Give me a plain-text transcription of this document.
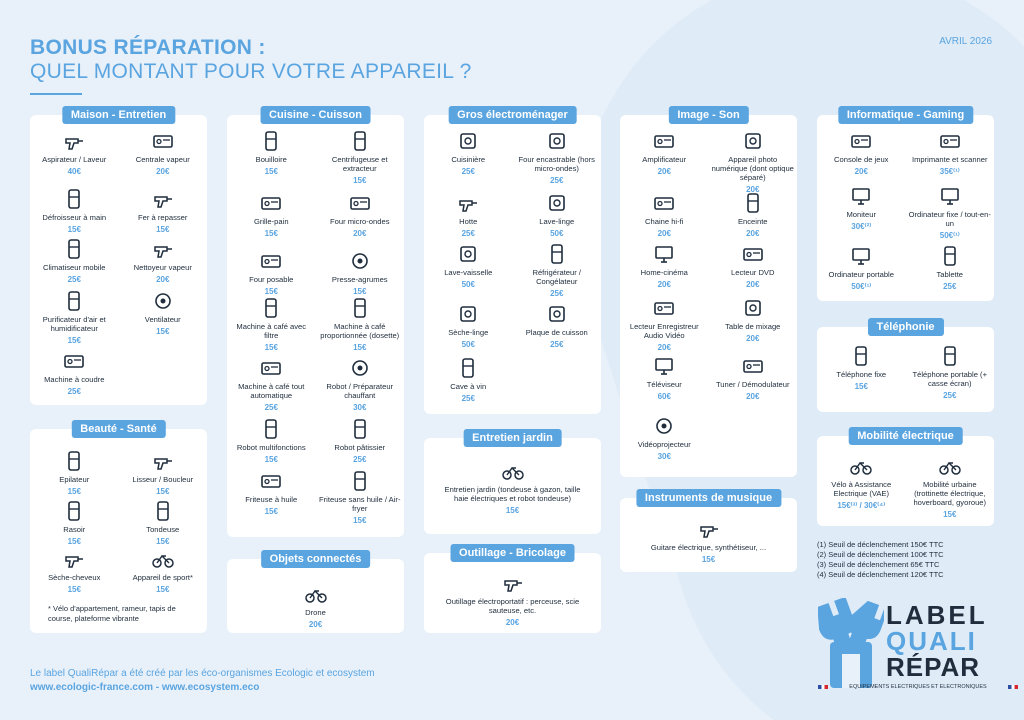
BONUS RÉPARATION :
QUEL MONTANT POUR VOTRE APPAREIL ?
AVRIL 2026
Maison - Entretien
Beauté - Santé
Cuisine - Cuisson
Objets connectés
Gros électroménager
Entretien jardin
Outillage - Bricolage
Image - Son
Instruments de musique
Informatique - Gaming
Téléphonie
Mobilité électrique
Aspirateur / Laveur
40€
Centrale vapeur
20€
Défroisseur à main
15€
Fer à repasser
15€
Climatiseur mobile
25€
Nettoyeur vapeur
20€
Purificateur d'air et humidificateur
15€
Ventilateur
15€
Machine à coudre
25€
Epilateur
15€
Lisseur / Boucleur
15€
Rasoir
15€
Tondeuse
15€
Sèche-cheveux
15€
Appareil de sport*
15€
Bouilloire
15€
Centrifugeuse et extracteur
15€
Grille-pain
15€
Four micro-ondes
20€
Four posable
15€
Presse-agrumes
15€
Machine à café avec filtre
15€
Machine à café proportionnée (dosette)
15€
Machine à café tout automatique
25€
Robot / Préparateur chauffant
30€
Robot multifonctions
15€
Robot pâtissier
25€
Friteuse à huile
15€
Friteuse sans huile / Air-fryer
15€
Drone
20€
Cuisinière
25€
Four encastrable (hors micro-ondes)
25€
Hotte
25€
Lave-linge
50€
Lave-vaisselle
50€
Réfrigérateur / Congélateur
25€
Sèche-linge
50€
Plaque de cuisson
25€
Cave à vin
25€
Entretien jardin (tondeuse à gazon, taille haie électriques et robot tondeuse)
15€
Outillage électroportatif : perceuse, scie sauteuse, etc.
20€
Amplificateur
20€
Appareil photo numérique (dont optique séparé)
20€
Chaine hi-fi
20€
Enceinte
20€
Home-cinéma
20€
Lecteur DVD
20€
Lecteur Enregistreur Audio Vidéo
20€
Table de mixage
20€
Téléviseur
60€
Tuner / Démodulateur
20€
Vidéoprojecteur
30€
Guitare électrique, synthétiseur, ...
15€
Console de jeux
20€
Imprimante et scanner
35€⁽¹⁾
Moniteur
30€⁽²⁾
Ordinateur fixe / tout-en-un
50€⁽¹⁾
Ordinateur portable
50€⁽¹⁾
Tablette
25€
Téléphone fixe
15€
Téléphone portable (+ casse écran)
25€
Vélo à Assistance Electrique (VAE)
15€⁽³⁾ / 30€⁽⁴⁾
Mobilité urbaine (trottinette électrique, hoverboard, gyoroue)
15€
* Vélo d'appartement, rameur, tapis de course, plateforme vibrante
(1) Seuil de déclenchement 150€ TTC
(2) Seuil de déclenchement 100€ TTC
(3) Seuil de déclenchement 65€ TTC
(4) Seuil de déclenchement 120€ TTC
Le label QualiRépar a été créé par les éco-organismes Ecologic et ecosystem
www.ecologic-france.com - www.ecosystem.eco
LABEL
QUALI
RÉPAR
EQUIPEMENTS ELECTRIQUES ET ELECTRONIQUES
